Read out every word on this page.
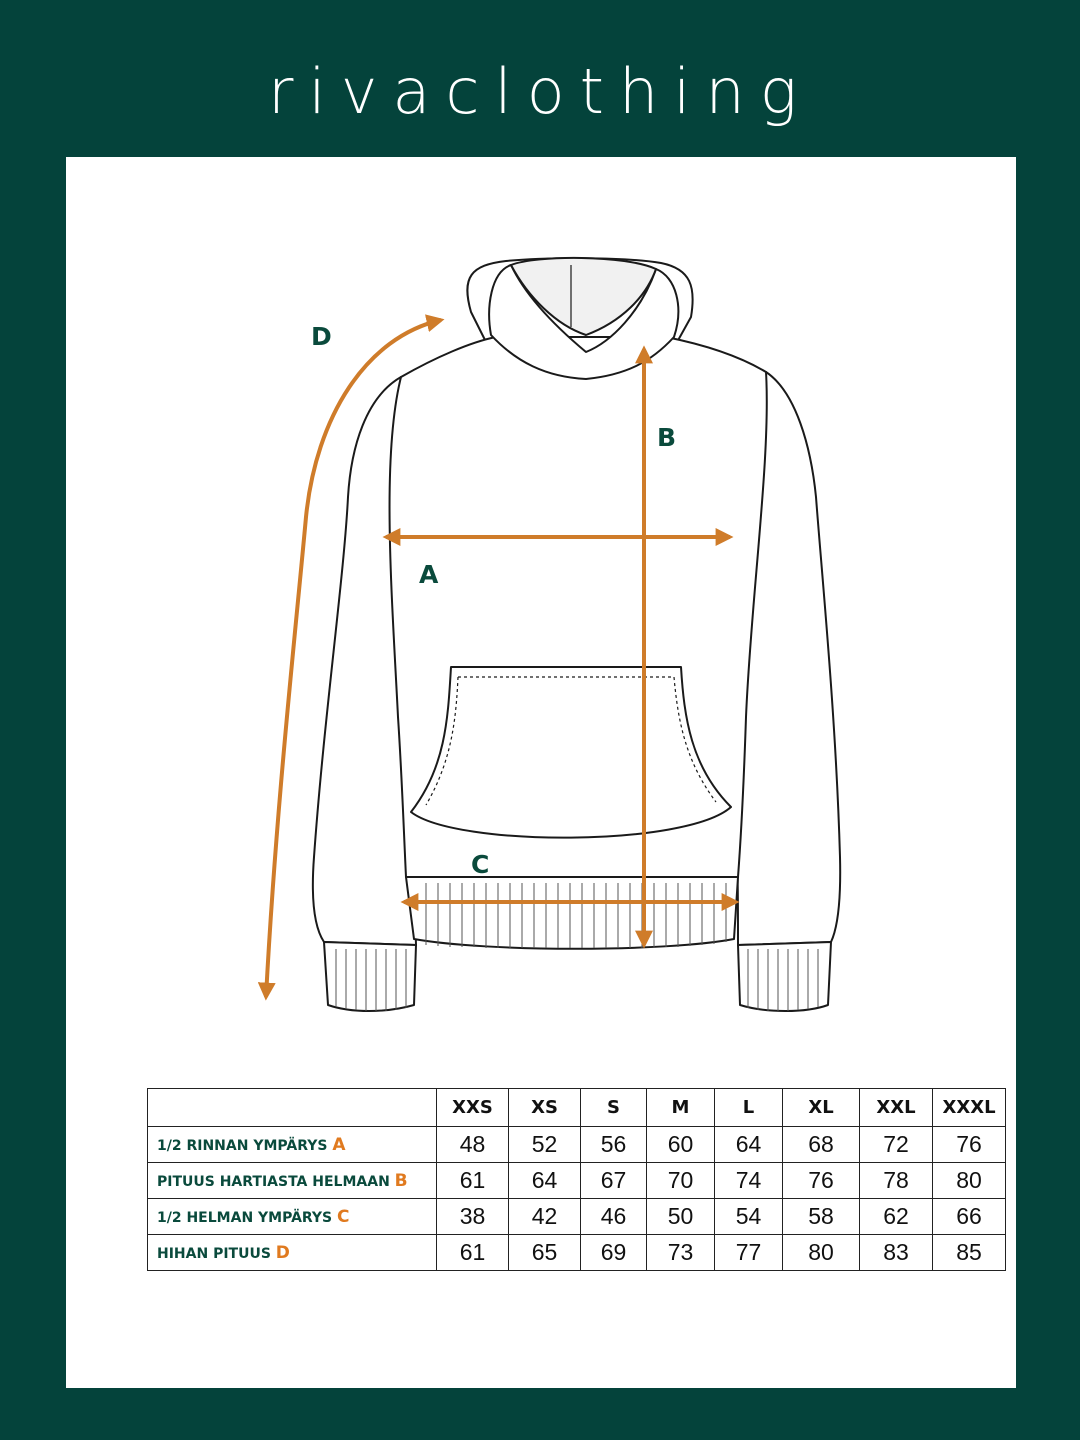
rivaclothing
D
B
A
C
	XXS	XS	S	M	L	XL	XXL	XXXL
1/2 RINNAN YMPÄRYS A	48	52	56	60	64	68	72	76
PITUUS HARTIASTA HELMAAN B	61	64	67	70	74	76	78	80
1/2 HELMAN YMPÄRYS C	38	42	46	50	54	58	62	66
HIHAN PITUUS D	61	65	69	73	77	80	83	85
